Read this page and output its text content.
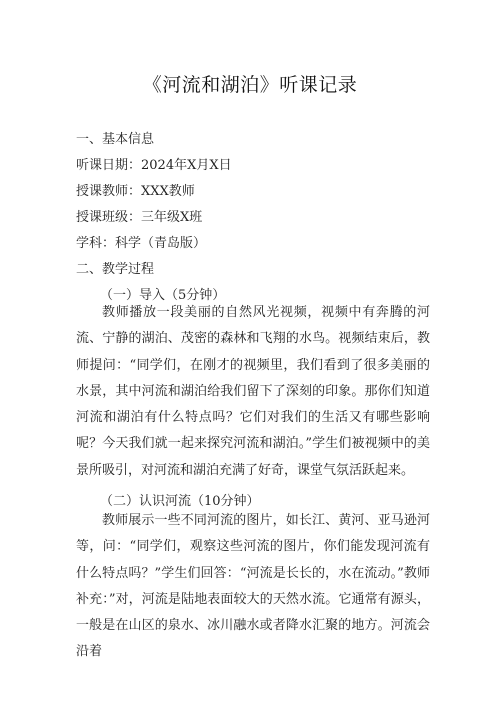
《河流和湖泊》听课记录
一、基本信息
听课日期：2024年X月X日
授课教师：XXX教师
授课班级：三年级X班
学科：科学（青岛版）
二、教学过程
（一）导入（5分钟）

教师播放一段美丽的自然风光视频，视频中有奔腾的河流、宁静的湖泊、茂密的森林和飞翔的水鸟。视频结束后，教师提问：“同学们，在刚才的视频里，我们看到了很多美丽的水景，其中河流和湖泊给我们留下了深刻的印象。那你们知道河流和湖泊有什么特点吗？它们对我们的生活又有哪些影响呢？今天我们就一起来探究河流和湖泊。”学生们被视频中的美景所吸引，对河流和湖泊充满了好奇，课堂气氛活跃起来。

（二）认识河流（10分钟）

教师展示一些不同河流的图片，如长江、黄河、亚马逊河等，问：“同学们，观察这些河流的图片，你们能发现河流有什么特点吗？”学生们回答：“河流是长长的，水在流动。”教师补充：”对，河流是陆地表面较大的天然水流。它通常有源头，一般是在山区的泉水、冰川融水或者降水汇聚的地方。河流会沿着
